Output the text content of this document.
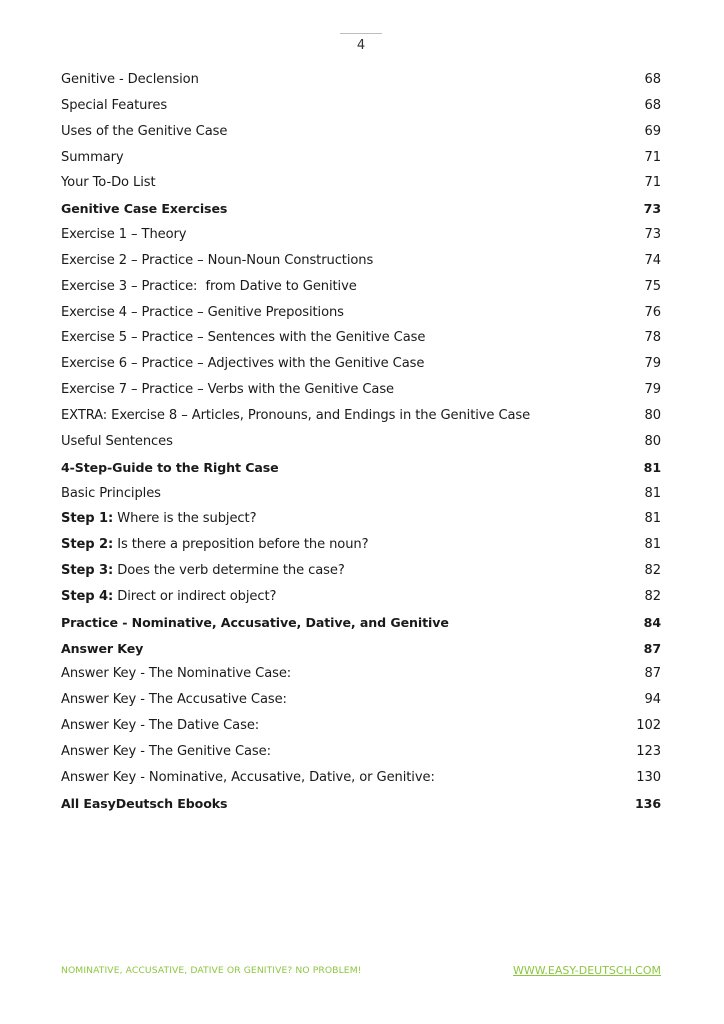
4
Genitive - Declension	68
Special Features	68
Uses of the Genitive Case	69
Summary	71
Your To-Do List	71
Genitive Case Exercises	73
Exercise 1 – Theory	73
Exercise 2 – Practice – Noun-Noun Constructions	74
Exercise 3 – Practice:  from Dative to Genitive	75
Exercise 4 – Practice – Genitive Prepositions	76
Exercise 5 – Practice – Sentences with the Genitive Case	78
Exercise 6 – Practice – Adjectives with the Genitive Case	79
Exercise 7 – Practice – Verbs with the Genitive Case	79
EXTRA: Exercise 8 – Articles, Pronouns, and Endings in the Genitive Case	80
Useful Sentences	80
4-Step-Guide to the Right Case	81
Basic Principles	81
Step 1: Where is the subject?	81
Step 2: Is there a preposition before the noun?	81
Step 3: Does the verb determine the case?	82
Step 4: Direct or indirect object?	82
Practice - Nominative, Accusative, Dative, and Genitive	84
Answer Key	87
Answer Key - The Nominative Case:	87
Answer Key - The Accusative Case:	94
Answer Key - The Dative Case:	102
Answer Key - The Genitive Case:	123
Answer Key - Nominative, Accusative, Dative, or Genitive:	130
All EasyDeutsch Ebooks	136
NOMINATIVE, ACCUSATIVE, DATIVE OR GENITIVE? NO PROBLEM!	WWW.EASY-DEUTSCH.COM
